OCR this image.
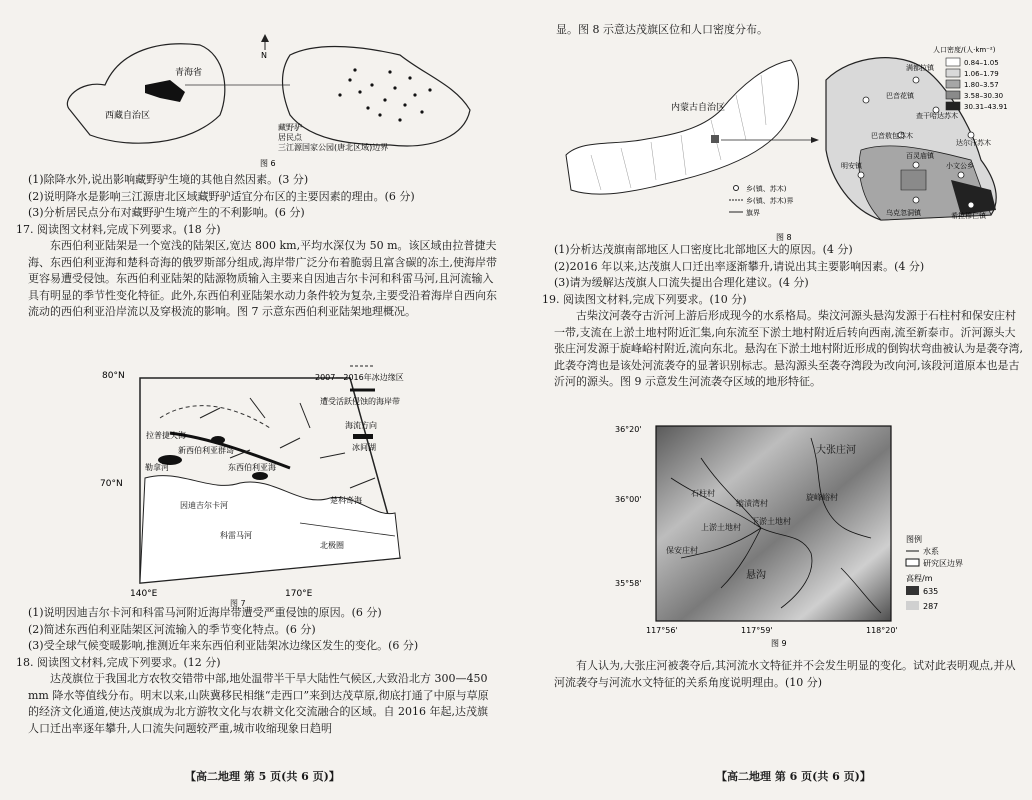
N
青海省
西藏自治区
藏野驴
居民点
三江源国家公园(唐北区域)边界
图 6
(1)除降水外,说出影响藏野驴生境的其他自然因素。(3 分)
(2)说明降水是影响三江源唐北区域藏野驴适宜分布区的主要因素的理由。(6 分)
(3)分析居民点分布对藏野驴生境产生的不利影响。(6 分)
17. 阅读图文材料,完成下列要求。(18 分)
东西伯利亚陆架是一个宽浅的陆架区,宽达 800 km,平均水深仅为 50 m。该区域由拉普捷夫海、东西伯利亚海和楚科奇海的俄罗斯部分组成,海岸带广泛分布着脆弱且富含碳的冻土,使海岸带更容易遭受侵蚀。东西伯利亚陆架的陆源物质输入主要来自因迪吉尔卡河和科雷马河,且河流输入具有明显的季节性变化特征。此外,东西伯利亚陆架水动力条件较为复杂,主要受沿着海岸自西向东流动的西伯利亚沿岸流以及穿极流的影响。图 7 示意东西伯利亚陆架地理概况。
80°N
70°N
140°E	170°E
拉普捷夫海
新西伯利亚群岛
勒拿河	东西伯利亚海
楚科奇海
因迪吉尔卡河
科雷马河
北极圈
2007—2016年冰边缘区
遭受活跃侵蚀的海岸带
海流方向
冰间湖
图 7
(1)说明因迪吉尔卡河和科雷马河附近海岸带遭受严重侵蚀的原因。(6 分)
(2)简述东西伯利亚陆架区河流输入的季节变化特点。(6 分)
(3)受全球气候变暖影响,推测近年来东西伯利亚陆架冰边缘区发生的变化。(6 分)
18. 阅读图文材料,完成下列要求。(12 分)
达茂旗位于我国北方农牧交错带中部,地处温带半干旱大陆性气候区,大致沿北方 300—450 mm 降水等值线分布。明末以来,山陕冀移民相继“走西口”来到达茂草原,彻底打通了中原与草原的经济文化通道,使达茂旗成为北方游牧文化与农耕文化交流融合的区域。自 2016 年起,达茂旗人口迁出率逐年攀升,人口流失问题较严重,城市收缩现象日趋明
【高二地理 第 5 页(共 6 页)】
显。图 8 示意达茂旗区位和人口密度分布。
巴音花镇
满都拉镇
查干哈达苏木
达尔汗苏木
巴音敖包苏木
百灵庙镇
明安镇	小文公乡
乌克忽洞镇	希拉穆仁镇
内蒙古自治区
人口密度/(人·km⁻²)
0.84–1.05
1.06–1.79
1.80–3.57
3.58–30.30
30.31–43.91
乡(镇、苏木)
乡(镇、苏木)界
旗界
图 8
(1)分析达茂旗南部地区人口密度比北部地区大的原因。(4 分)
(2)2016 年以来,达茂旗人口迁出率逐渐攀升,请说出其主要影响因素。(4 分)
(3)请为缓解达茂旗人口流失提出合理化建议。(4 分)
19. 阅读图文材料,完成下列要求。(10 分)
古柴汶河袭夺古沂河上游后形成现今的水系格局。柴汶河源头悬沟发源于石柱村和保安庄村一带,支流在上淤土地村附近汇集,向东流至下淤土地村附近后转向西南,流至新泰市。沂河源头大张庄河发源于旋峰峪村附近,流向东北。悬沟在下淤土地村附近形成的倒钩状弯曲被认为是袭夺湾,此袭夺湾也是该处河流袭夺的显著识别标志。悬沟源头至袭夺湾段为改向河,该段河道原本也是古沂河的源头。图 9 示意发生河流袭夺区域的地形特征。
石柱村
缩渍湾村
旋峰峪村
上淤土地村
下淤土地村
保安庄村
大张庄河
悬沟
36°20'
36°00'
35°58'
117°56'	117°59'	118°20'
图例
水系
研究区边界
高程/m
635
287
图 9
有人认为,大张庄河被袭夺后,其河流水文特征并不会发生明显的变化。试对此表明观点,并从河流袭夺与河流水文特征的关系角度说明理由。(10 分)
【高二地理 第 6 页(共 6 页)】
